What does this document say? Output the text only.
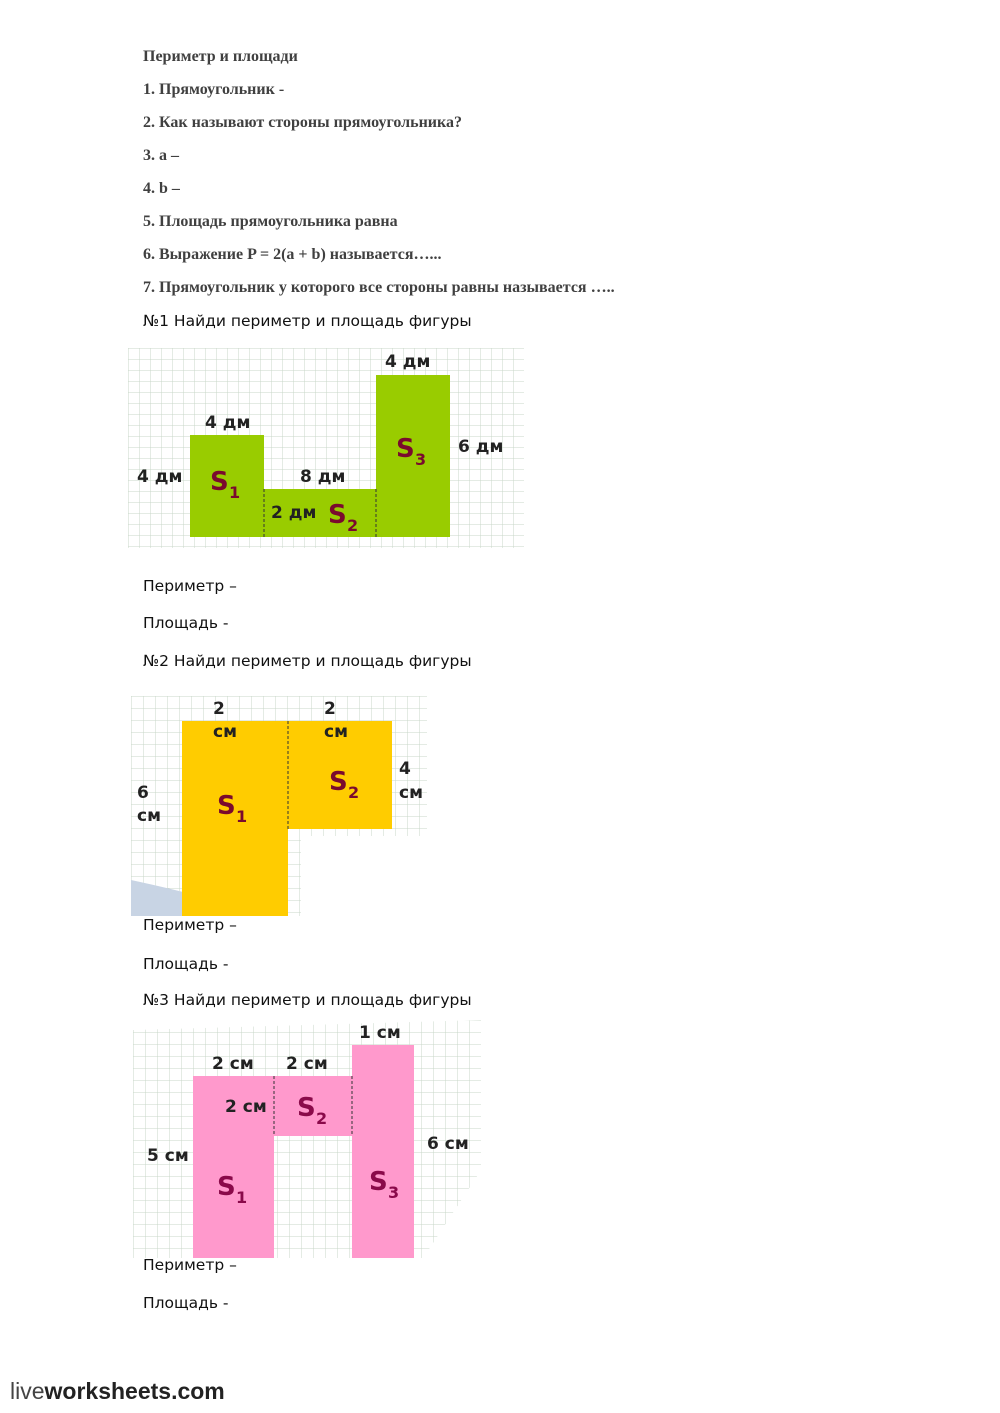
Периметр и площади
1. Прямоугольник -
2. Как называют стороны прямоугольника?
3. a –
4. b –
5. Площадь прямоугольника равна
6. Выражение P = 2(a + b) называется…...
7. Прямоугольник у которого все стороны равны называется …..
№1 Найди периметр и площадь фигуры
4 дм
6 дм
4 дм
4 дм	8 дм
2 дм
S 1
S 2
S 3
Периметр –
Площадь -
№2 Найди периметр и площадь фигуры
2
см
2
см
4
см
6
см S 1
S 2
Периметр –
Площадь -
№3 Найди периметр и площадь фигуры
1 см
2 см 2 см
2 см
5 см
6 см
S 1
S 2
S 3
Периметр –
Площадь -
liveworksheets.com
